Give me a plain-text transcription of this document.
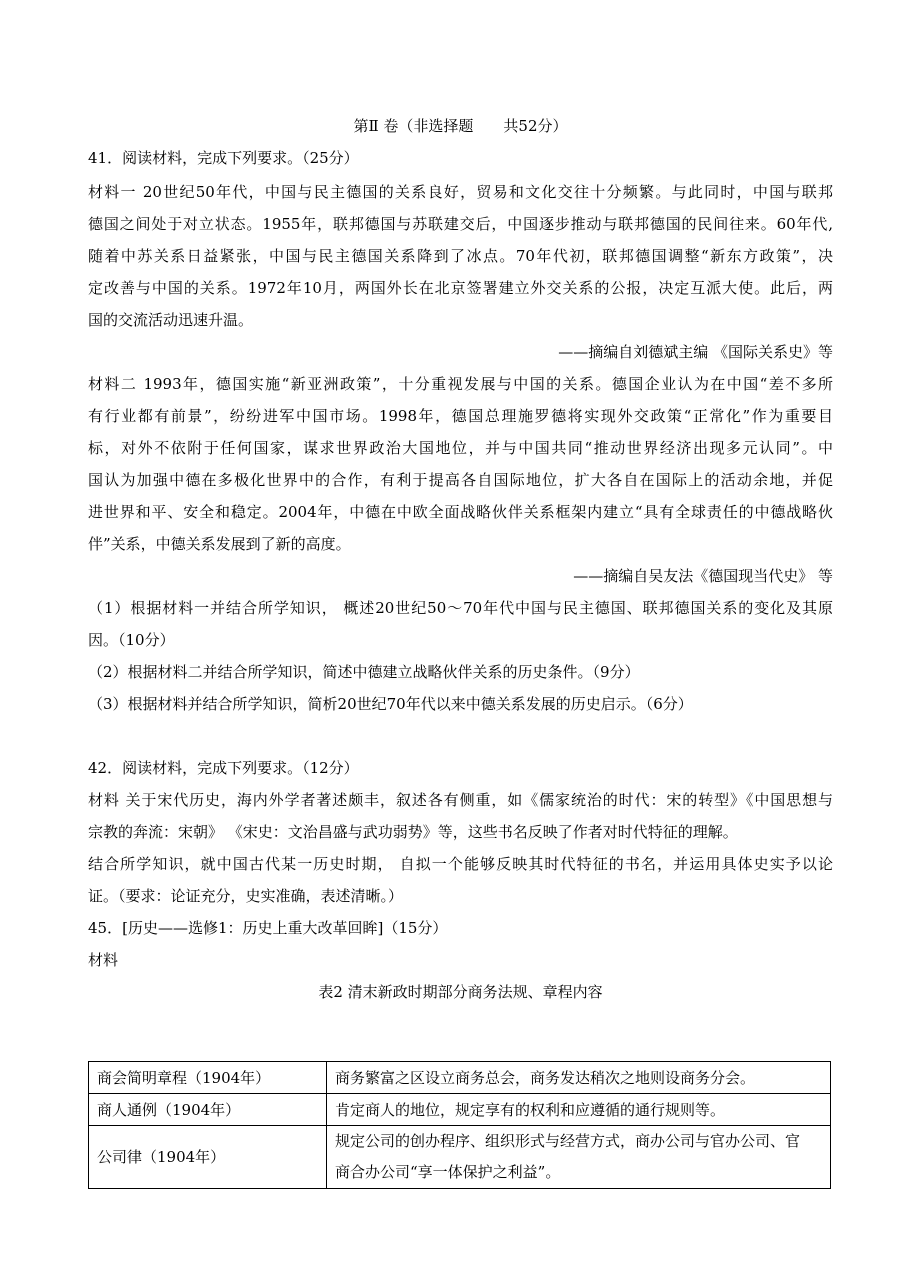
第Ⅱ 卷（非选择题　　共52分）
41．阅读材料，完成下列要求。（25分）
材料一 20世纪50年代，中国与民主德国的关系良好，贸易和文化交往十分频繁。与此同时，中国与联邦
德国之间处于对立状态。1955年，联邦德国与苏联建交后，中国逐步推动与联邦德国的民间往来。60年代,
随着中苏关系日益紧张，中国与民主德国关系降到了冰点。70年代初，联邦德国调整“新东方政策”，决
定改善与中国的关系。1972年10月，两国外长在北京签署建立外交关系的公报，决定互派大使。此后，两
国的交流活动迅速升温。
——摘编自刘德斌主编 《国际关系史》等
材料二 1993年，德国实施“新亚洲政策”，十分重视发展与中国的关系。德国企业认为在中国“差不多所
有行业都有前景”，纷纷进军中国市场。1998年，德国总理施罗德将实现外交政策“正常化”作为重要目
标，对外不依附于任何国家，谋求世界政治大国地位，并与中国共同“推动世界经济出现多元认同”。中
国认为加强中德在多极化世界中的合作，有利于提高各自国际地位，扩大各自在国际上的活动余地，并促
进世界和平、安全和稳定。2004年，中德在中欧全面战略伙伴关系框架内建立“具有全球责任的中德战略伙
伴”关系，中德关系发展到了新的高度。
——摘编自吴友法《德国现当代史》 等
（1）根据材料一并结合所学知识， 概述20世纪50～70年代中国与民主德国、联邦德国关系的变化及其原
因。（10分）
（2）根据材料二并结合所学知识，简述中德建立战略伙伴关系的历史条件。（9分）
（3）根据材料并结合所学知识，简析20世纪70年代以来中德关系发展的历史启示。（6分）
42．阅读材料，完成下列要求。（12分）
材料 关于宋代历史，海内外学者著述颇丰，叙述各有侧重，如《儒家统治的时代：宋的转型》《中国思想与
宗教的奔流：宋朝》 《宋史：文治昌盛与武功弱势》等，这些书名反映了作者对时代特征的理解。
结合所学知识，就中国古代某一历史时期， 自拟一个能够反映其时代特征的书名，并运用具体史实予以论
证。（要求：论证充分，史实准确，表述清晰。）
45．[历史——选修1：历史上重大改革回眸]（15分）
材料
表2 清末新政时期部分商务法规、章程内容
商会简明章程（1904年）	商务繁富之区设立商务总会，商务发达稍次之地则设商务分会。
商人通例（1904年）	肯定商人的地位，规定享有的权利和应遵循的通行规则等。
公司律（1904年）	规定公司的创办程序、组织形式与经营方式，商办公司与官办公司、官
商合办公司“享一体保护之利益”。
